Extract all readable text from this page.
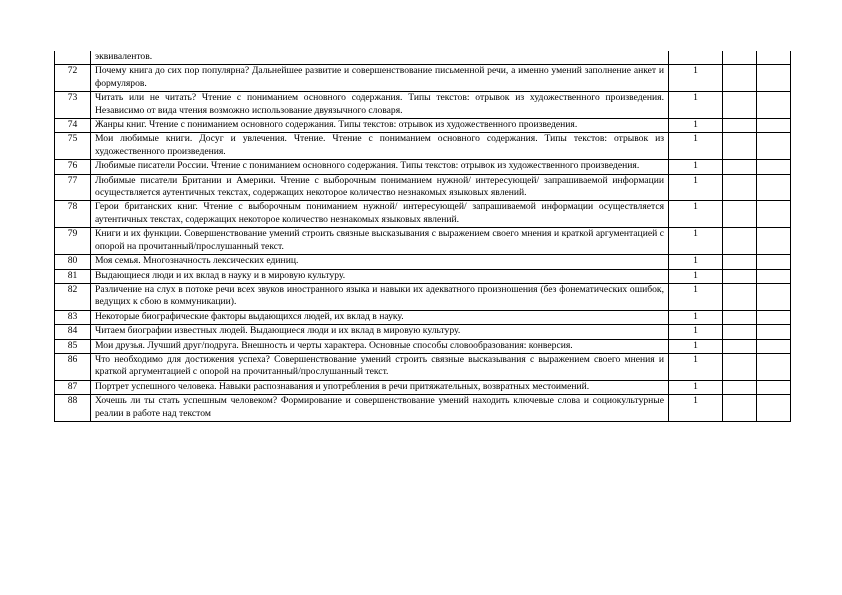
	эквивалентов.			
72	Почему книга до сих пор популярна? Дальнейшее развитие и совершенствование письменной речи, а именно умений заполнение анкет и формуляров.	1		
73	Читать или не читать? Чтение с пониманием основного содержания. Типы текстов: отрывок из художественного произведения. Независимо от вида чтения возможно использование двуязычного словаря.	1		
74	Жанры книг. Чтение с пониманием основного содержания. Типы текстов: отрывок из художественного произведения.	1		
75	Мои любимые книги. Досуг и увлечения. Чтение. Чтение с пониманием основного содержания. Типы текстов: отрывок из художественного произведения.	1		
76	Любимые писатели России. Чтение с пониманием основного содержания. Типы текстов: отрывок из художественного произведения.	1		
77	Любимые писатели Британии и Америки. Чтение с выборочным пониманием нужной/ интересующей/ запрашиваемой информации осуществляется аутентичных текстах, содержащих некоторое количество незнакомых языковых явлений.	1		
78	Герои британских книг. Чтение с выборочным пониманием нужной/ интересующей/ запрашиваемой информации осуществляется аутентичных текстах, содержащих некоторое количество незнакомых языковых явлений.	1		
79	Книги и их функции. Совершенствование умений строить связные высказывания с выражением своего мнения и краткой аргументацией с опорой на прочитанный/прослушанный текст.	1		
80	Моя семья. Многозначность лексических единиц.	1		
81	Выдающиеся люди и их вклад в науку и в мировую культуру.	1		
82	Различение на слух в потоке речи всех звуков иностранного языка и навыки их адекватного произношения (без фонематических ошибок, ведущих к сбою в коммуникации).	1		
83	Некоторые биографические факторы выдающихся людей, их вклад в науку.	1		
84	Читаем биографии известных людей. Выдающиеся люди и их вклад в мировую культуру.	1		
85	Мои друзья. Лучший друг/подруга. Внешность и черты характера. Основные способы словообразования: конверсия.	1		
86	Что необходимо для достижения успеха? Совершенствование умений строить связные высказывания с выражением своего мнения и краткой аргументацией с опорой на прочитанный/прослушанный текст.	1		
87	Портрет успешного человека. Навыки распознавания и употребления в речи притяжательных, возвратных местоимений.	1		
88	Хочешь ли ты стать успешным человеком? Формирование и совершенствование умений находить ключевые слова и социокультурные реалии в работе над текстом	1		
